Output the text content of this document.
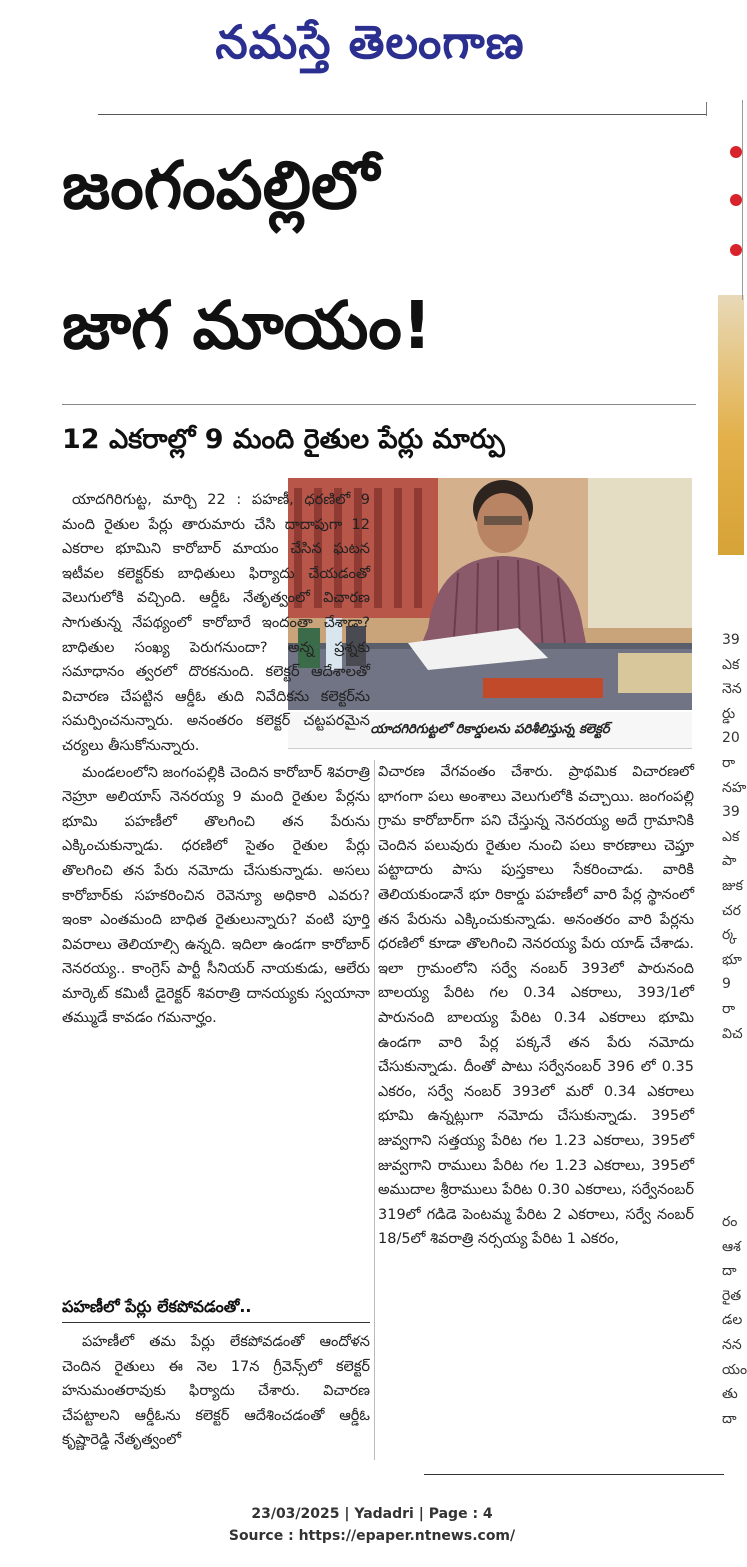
నమస్తే తెలంగాణ
జంగంపల్లిలో
జాగ మాయం!
12 ఎకరాల్లో 9 మంది రైతుల పేర్లు మార్పు
యాదగిరిగుట్టలో రికార్డులను పరిశీలిస్తున్న కలెక్టర్

యాదగిరిగుట్ట, మార్చి 22 : పహణీ, ధరణిలో 9 మంది రైతుల పేర్లు తారుమారు చేసి దాదాపుగా 12 ఎకరాల భూమిని కారోబార్ మాయం చేసిన ఘటన ఇటీవల కలెక్టర్‌కు బాధితులు ఫిర్యాదు చేయడంతో వెలుగులోకి వచ్చింది. ఆర్డీఓ నేతృత్వంలో విచారణ సాగుతున్న నేపథ్యంలో కారోబారే ఇందంతా చేశాడా? బాధితుల సంఖ్య పెరుగనుందా? అన్న ప్రశ్నకు సమాధానం త్వరలో దొరకనుంది. కలెక్టర్ ఆదేశాలతో విచారణ చేపట్టిన ఆర్డీఓ తుది నివేదికను కలెక్టర్‌ను సమర్పించనున్నారు. అనంతరం కలెక్టర్ చట్టపరమైన చర్యలు తీసుకోనున్నారు.

మండలంలోని జంగంపల్లికి చెందిన కారోబార్ శివరాత్రి నెహ్రూ అలియాస్ నెనరయ్య 9 మంది రైతుల పేర్లను భూమి పహణీలో తొలగించి తన పేరును ఎక్కించుకున్నాడు. ధరణిలో సైతం రైతుల పేర్లు తొలగించి తన పేరు నమోదు చేసుకున్నాడు. అసలు కారోబార్‌కు సహకరించిన రెవెన్యూ అధికారి ఎవరు? ఇంకా ఎంతమంది బాధిత రైతులున్నారు? వంటి పూర్తి వివరాలు తెలియాల్సి ఉన్నది. ఇదిలా ఉండగా కారోబార్ నెనరయ్య.. కాంగ్రెస్ పార్టీ సీనియర్ నాయకుడు, ఆలేరు మార్కెట్ కమిటీ డైరెక్టర్ శివరాత్రి దానయ్యకు స్వయానా తమ్ముడే కావడం గమనార్హం.

పహణీలో పేర్లు లేకపోవడంతో..

పహణీలో తమ పేర్లు లేకపోవడంతో ఆందోళన చెందిన రైతులు ఈ నెల 17న గ్రీవెన్స్‌లో కలెక్టర్ హనుమంతరావుకు ఫిర్యాదు చేశారు. విచారణ చేపట్టాలని ఆర్డీఓను కలెక్టర్ ఆదేశించడంతో ఆర్డీఓ కృష్ణారెడ్డి నేతృత్వంలో

విచారణ వేగవంతం చేశారు. ప్రాథమిక విచారణలో భాగంగా పలు అంశాలు వెలుగులోకి వచ్చాయి. జంగంపల్లి గ్రామ కారోబార్‌గా పని చేస్తున్న నెనరయ్య అదే గ్రామానికి చెందిన పలువురు రైతుల నుంచి పలు కారణాలు చెప్తూ పట్టాదారు పాసు పుస్తకాలు సేకరించాడు. వారికి తెలియకుండానే భూ రికార్డు పహణీలో వారి పేర్ల స్థానంలో తన పేరును ఎక్కించుకున్నాడు. అనంతరం వారి పేర్లను ధరణిలో కూడా తొలగించి నెనరయ్య పేరు యాడ్ చేశాడు. ఇలా గ్రామంలోని సర్వే నంబర్ 393లో పారునంది బాలయ్య పేరిట గల 0.34 ఎకరాలు, 393/1లో పారునంది బాలయ్య పేరిట 0.34 ఎకరాలు భూమి ఉండగా వారి పేర్ల పక్కనే తన పేరు నమోదు చేసుకున్నాడు. దీంతో పాటు సర్వేనంబర్ 396 లో 0.35 ఎకరం, సర్వే నంబర్ 393లో మరో 0.34 ఎకరాలు భూమి ఉన్నట్లుగా నమోదు చేసుకున్నాడు. 395లో జువ్వగాని సత్తయ్య పేరిట గల 1.23 ఎకరాలు, 395లో జువ్వగాని రాములు పేరిట గల 1.23 ఎకరాలు, 395లో అముదాల శ్రీరాములు పేరిట 0.30 ఎకరాలు, సర్వేనంబర్ 319లో గడిడె పెంటమ్మ పేరిట 2 ఎకరాలు, సర్వే నంబర్ 18/5లో శివరాత్రి నర్సయ్య పేరిట 1 ఎకరం,

39
ఎక
నెన
ర్డు
20
రా
నహ
39
ఎక
పా
జుక
చర
ర్క
భూ
9
రా
విచ
రం
ఆశ
దా
రైత
డల
నన
యం
తు
దా
23/03/2025 | Yadadri | Page : 4
Source : https://epaper.ntnews.com/
